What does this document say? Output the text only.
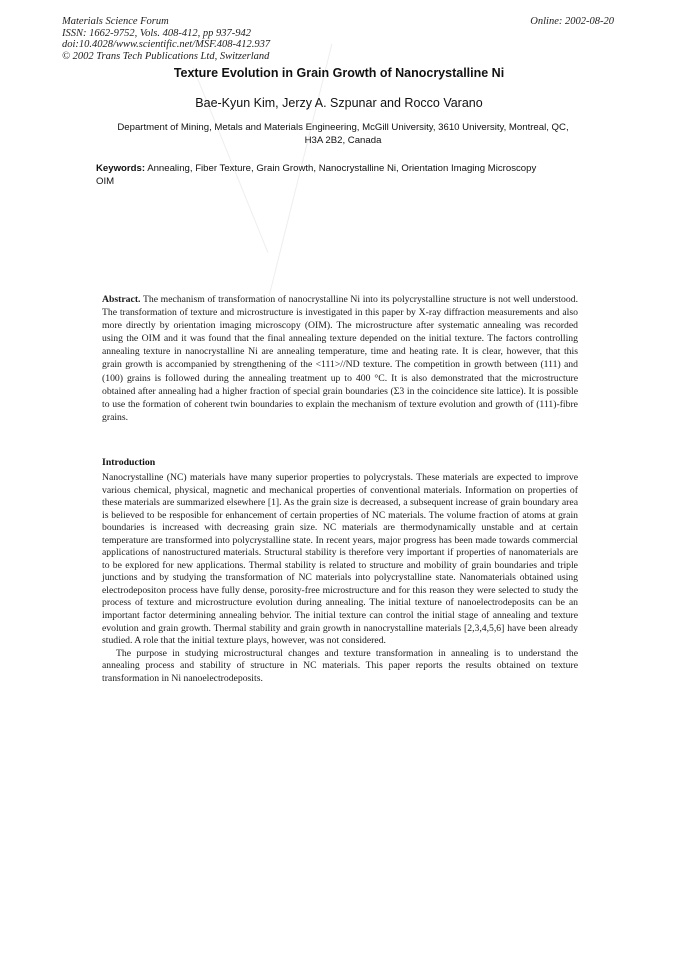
Materials Science Forum
ISSN: 1662-9752, Vols. 408-412, pp 937-942
doi:10.4028/www.scientific.net/MSF.408-412.937
© 2002 Trans Tech Publications Ltd, Switzerland
Online: 2002-08-20
Texture Evolution in Grain Growth of Nanocrystalline Ni
Bae-Kyun Kim, Jerzy A. Szpunar and Rocco Varano
Department of Mining, Metals and Materials Engineering, McGill University, 3610 University, Montreal, QC, H3A 2B2, Canada
Keywords: Annealing, Fiber Texture, Grain Growth, Nanocrystalline Ni, Orientation Imaging Microscopy OIM
Abstract. The mechanism of transformation of nanocrystalline Ni into its polycrystalline structure is not well understood. The transformation of texture and microstructure is investigated in this paper by X-ray diffraction measurements and also more directly by orientation imaging microscopy (OIM). The microstructure after systematic annealing was recorded using the OIM and it was found that the final annealing texture depended on the initial texture. The factors controlling annealing texture in nanocrystalline Ni are annealing temperature, time and heating rate. It is clear, however, that this grain growth is accompanied by strengthening of the <111>//ND texture. The competition in growth between (111) and (100) grains is followed during the annealing treatment up to 400 °C. It is also demonstrated that the microstructure obtained after annealing had a higher fraction of special grain boundaries (Σ3 in the coincidence site lattice). It is possible to use the formation of coherent twin boundaries to explain the mechanism of texture evolution and growth of (111)-fibre grains.
Introduction

Nanocrystalline (NC) materials have many superior properties to polycrystals. These materials are expected to improve various chemical, physical, magnetic and mechanical properties of conventional materials. Information on properties of these materials are summarized elsewhere [1]. As the grain size is decreased, a subsequent increase of grain boundary area is believed to be resposible for enhancement of certain properties of NC materials. The volume fraction of atoms at grain boundaries is increased with decreasing grain size. NC materials are thermodynamically unstable and at certain temperature are transformed into polycrystalline state. In recent years, major progress has been made towards commercial applications of nanostructured materials. Structural stability is therefore very important if properties of nanomaterials are to be explored for new applications. Thermal stability is related to structure and mobility of grain boundaries and triple junctions and by studying the transformation of NC materials into polycrystalline state. Nanomaterials obtained using electrodepositon process have fully dense, porosity-free microstructure and for this reason they were selected to study the process of texture and microstructure evolution during annealing. The initial texture of nanoelectrodeposits can be an important factor determining annealing behvior. The initial texture can control the initial stage of annealing and texture evolution and grain growth. Thermal stability and grain growth in nanocrystalline materials [2,3,4,5,6] have been already studied. A role that the initial texture plays, however, was not considered.

The purpose in studying microstructural changes and texture transformation in annealing is to understand the annealing process and stability of structure in NC materials. This paper reports the results obtained on texture transformation in Ni nanoelectrodeposits.
